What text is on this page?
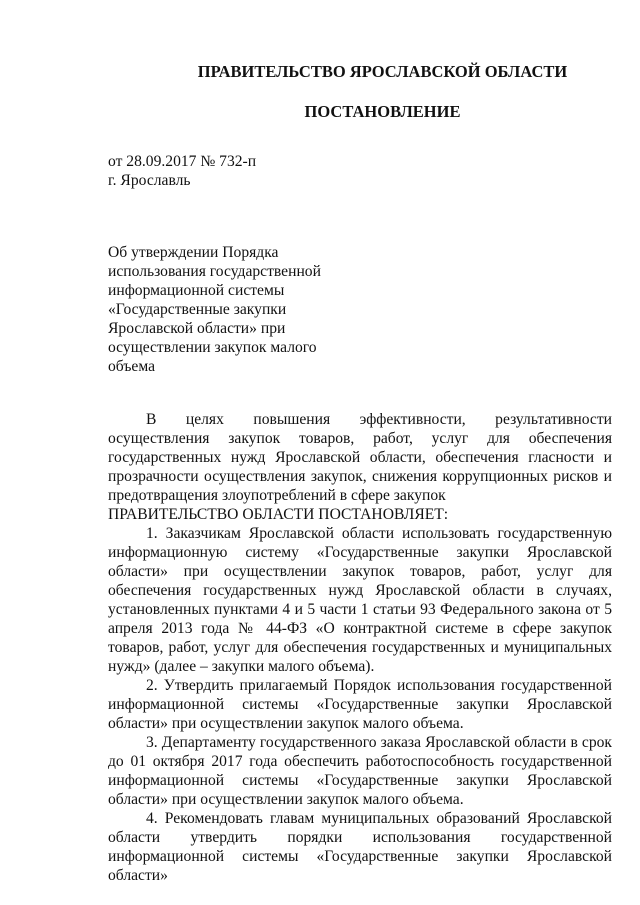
ПРАВИТЕЛЬСТВО ЯРОСЛАВСКОЙ ОБЛАСТИ
ПОСТАНОВЛЕНИЕ
от 28.09.2017 № 732-п
г. Ярославль
Об утверждении Порядка
использования государственной
информационной системы
«Государственные закупки
Ярославской области» при
осуществлении закупок малого
объема

В целях повышения эффективности, результативности осуществления закупок товаров, работ, услуг для обеспечения государственных нужд Ярославской области, обеспечения гласности и прозрачности осуществления закупок, снижения коррупционных рисков и предотвращения злоупотреблений в сфере закупок

ПРАВИТЕЛЬСТВО ОБЛАСТИ ПОСТАНОВЛЯЕТ:

1. Заказчикам Ярославской области использовать государственную информационную систему «Государственные закупки Ярославской области» при осуществлении закупок товаров, работ, услуг для обеспечения государственных нужд Ярославской области в случаях, установленных пунктами 4 и 5 части 1 статьи 93 Федерального закона от 5 апреля 2013 года № 44-ФЗ «О контрактной системе в сфере закупок товаров, работ, услуг для обеспечения государственных и муниципальных нужд» (далее – закупки малого объема).

2. Утвердить прилагаемый Порядок использования государственной информационной системы «Государственные закупки Ярославской области» при осуществлении закупок малого объема.

3. Департаменту государственного заказа Ярославской области в срок до 01 октября 2017 года обеспечить работоспособность государственной информационной системы «Государственные закупки Ярославской области» при осуществлении закупок малого объема.

4. Рекомендовать главам муниципальных образований Ярославской области утвердить порядки использования государственной информационной системы «Государственные закупки Ярославской области»
